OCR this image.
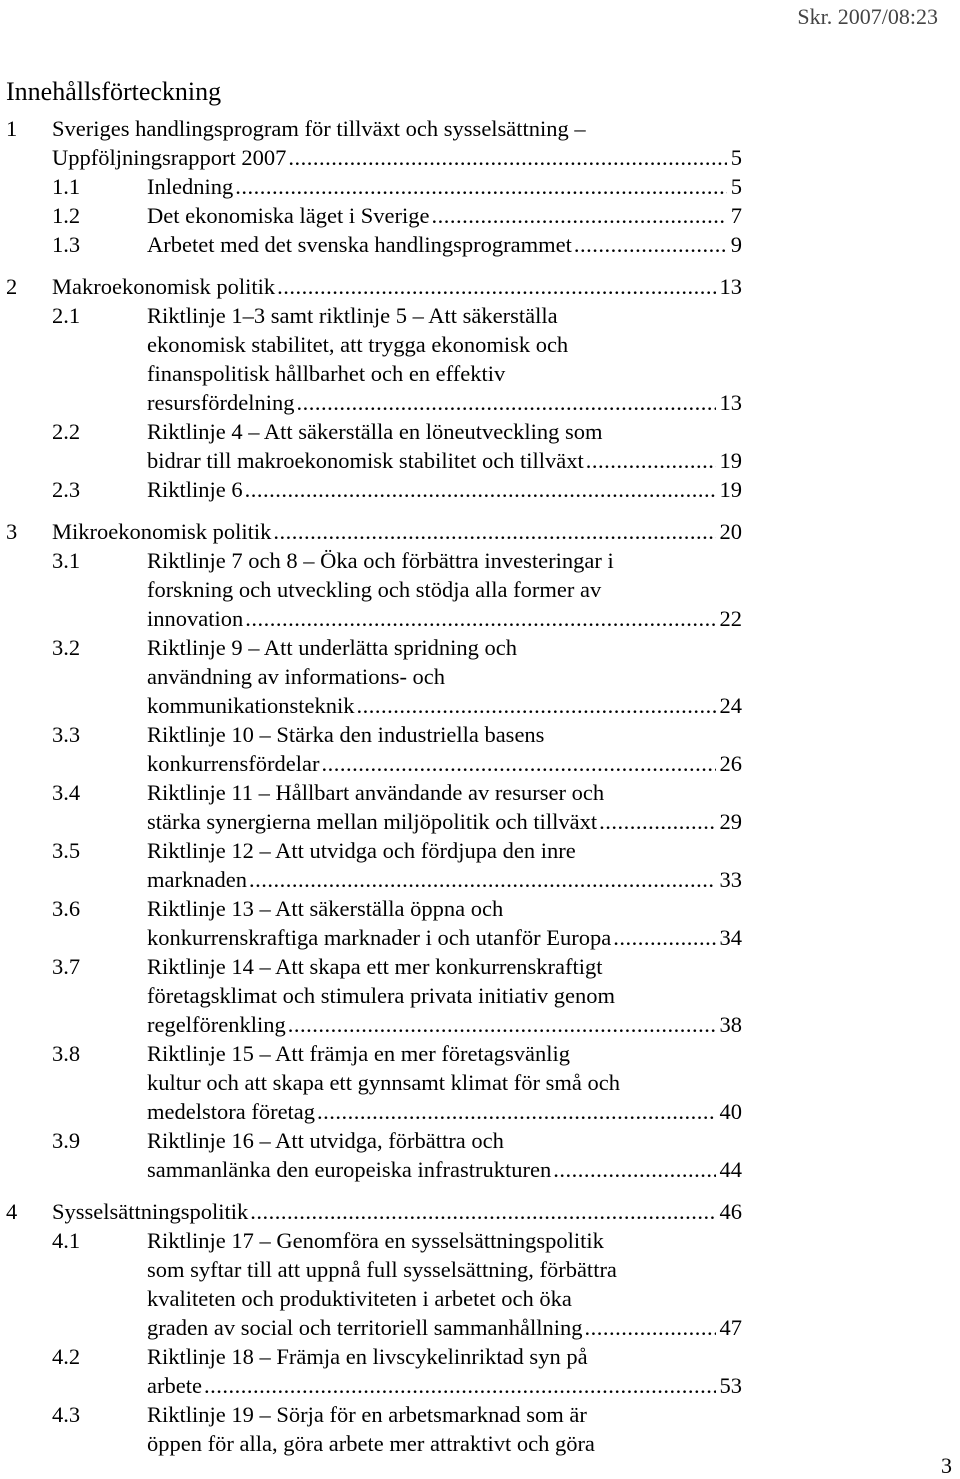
Skr. 2007/08:23
Innehållsförteckning
1 Sveriges handlingsprogram för tillväxt och sysselsättning –
Uppföljningsrapport 2007 .....	5
1.1	Inledning .....	5
1.2	Det ekonomiska läget i Sverige .....	7
1.3	Arbetet med det svenska handlingsprogrammet .....	9
2 Makroekonomisk politik .....	13
2.1	Riktlinje 1–3 samt riktlinje 5 – Att säkerställa
ekonomisk stabilitet, att trygga ekonomisk och
finanspolitisk hållbarhet och en effektiv
resursfördelning .....	13
2.2	Riktlinje 4 – Att säkerställa en löneutveckling som
bidrar till makroekonomisk stabilitet och tillväxt .....	19
2.3	Riktlinje 6 .....	19
3 Mikroekonomisk politik .....	20
3.1	Riktlinje 7 och 8 – Öka och förbättra investeringar i
forskning och utveckling och stödja alla former av
innovation .....	22
3.2	Riktlinje 9 – Att underlätta spridning och
användning av informations- och
kommunikationsteknik .....	24
3.3	Riktlinje 10 – Stärka den industriella basens
konkurrensfördelar .....	26
3.4	Riktlinje 11 – Hållbart användande av resurser och
stärka synergierna mellan miljöpolitik och tillväxt .....	29
3.5	Riktlinje 12 – Att utvidga och fördjupa den inre
marknaden .....	33
3.6	Riktlinje 13 – Att säkerställa öppna och
konkurrenskraftiga marknader i och utanför Europa .....	34
3.7	Riktlinje 14 – Att skapa ett mer konkurrenskraftigt
företagsklimat och stimulera privata initiativ genom
regelförenkling .....	38
3.8	Riktlinje 15 – Att främja en mer företagsvänlig
kultur och att skapa ett gynnsamt klimat för små och
medelstora företag .....	40
3.9	Riktlinje 16 – Att utvidga, förbättra och
sammanlänka den europeiska infrastrukturen .....	44
4 Sysselsättningspolitik .....	46
4.1	Riktlinje 17 – Genomföra en sysselsättningspolitik
som syftar till att uppnå full sysselsättning, förbättra
kvaliteten och produktiviteten i arbetet och öka
graden av social och territoriell sammanhållning .....	47
4.2	Riktlinje 18 – Främja en livscykelinriktad syn på
arbete .....	53
4.3	Riktlinje 19 – Sörja för en arbetsmarknad som är
öppen för alla, göra arbete mer attraktivt och göra
3
